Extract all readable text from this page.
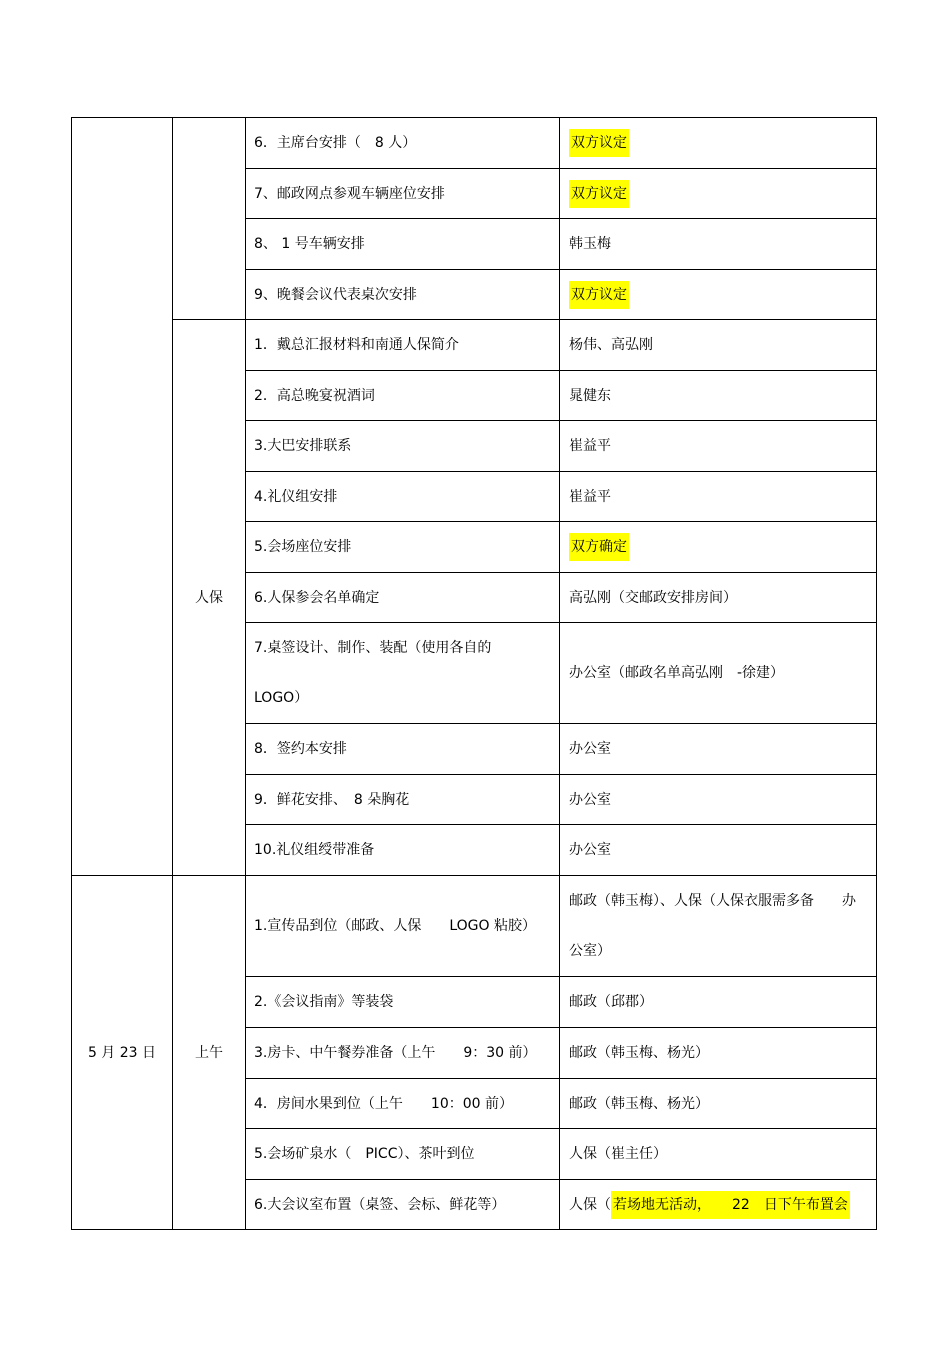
		6．主席台安排（　8 人）	双方议定
		7、邮政网点参观车辆座位安排	双方议定
		8、 1 号车辆安排	韩玉梅
		9、晚餐会议代表桌次安排	双方议定
	人保	1．戴总汇报材料和南通人保简介	杨伟、高弘刚
		2．高总晚宴祝酒词	晁健东
		3.大巴安排联系	崔益平
		4.礼仪组安排	崔益平
		5.会场座位安排	双方确定
		6.人保参会名单确定	高弘刚（交邮政安排房间）
		7.桌签设计、制作、装配（使用各自的
LOGO）	办公室（邮政名单高弘刚　-徐建）
		8．签约本安排	办公室
		9．鲜花安排、　8 朵胸花	办公室
		10.礼仪组绶带准备	办公室
5 月 23 日	上午	1.宣传品到位（邮政、人保　　LOGO 粘胶）	邮政（韩玉梅）、人保（人保衣服需多备　　办
公室）
		2.《会议指南》等装袋	邮政（邱郡）
		3.房卡、中午餐券准备（上午　　9：30 前）	邮政（韩玉梅、杨光）
		4．房间水果到位（上午　　10：00 前）	邮政（韩玉梅、杨光）
		5.会场矿泉水（　PICC）、茶叶到位	人保（崔主任）
		6.大会议室布置（桌签、会标、鲜花等）	人保（ 若场地无活动，　　22　日下午布置会
